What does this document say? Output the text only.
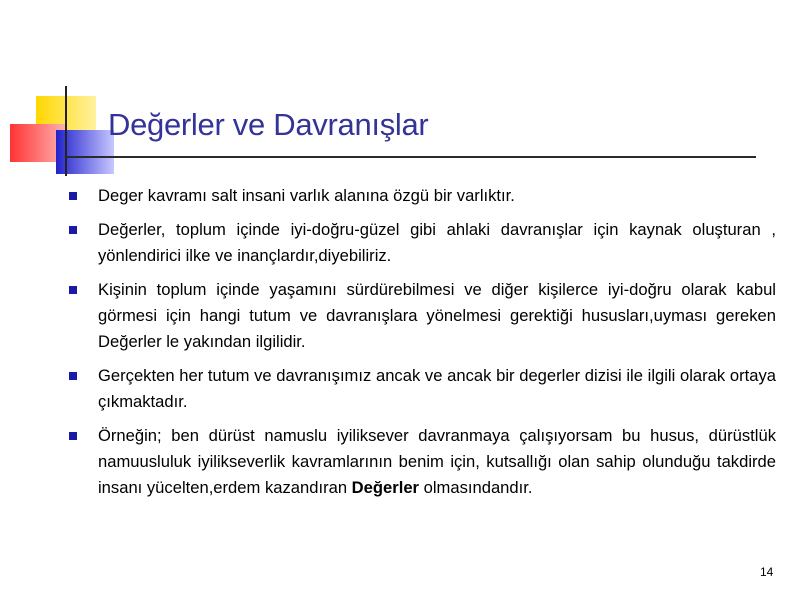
Değerler ve Davranışlar
Deger kavramı salt insani varlık alanına özgü bir varlıktır.
Değerler, toplum içinde iyi-doğru-güzel gibi ahlaki davranışlar için kaynak oluşturan , yönlendirici ilke ve inançlardır,diyebiliriz.
Kişinin toplum içinde yaşamını sürdürebilmesi ve diğer kişilerce iyi-doğru olarak kabul görmesi için hangi tutum ve davranışlara yönelmesi gerektiği hususları,uyması gereken Değerler le yakından ilgilidir.
Gerçekten her tutum ve davranışımız ancak ve ancak bir degerler dizisi ile ilgili olarak ortaya çıkmaktadır.
Örneğin; ben dürüst namuslu iyiliksever davranmaya çalışıyorsam bu husus, dürüstlük namuusluluk iyilikseverlik kavramlarının benim için, kutsallığı olan sahip olunduğu takdirde insanı yücelten,erdem kazandıran Değerler olmasındandır.
14
